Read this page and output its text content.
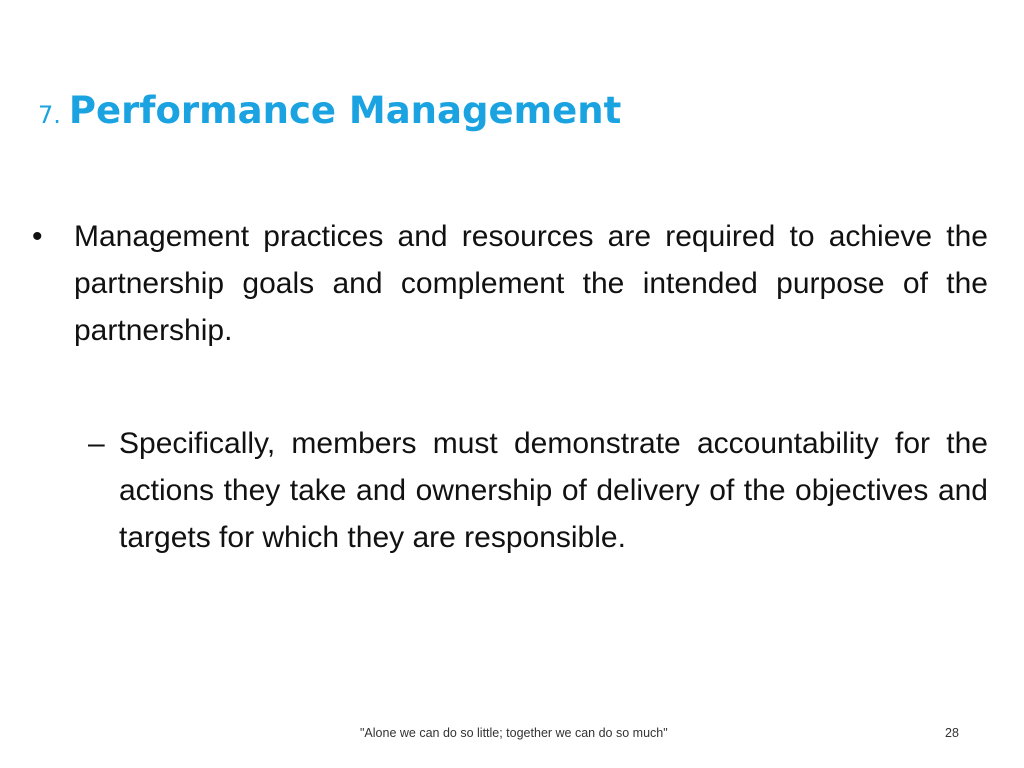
7. Performance Management
•	Management practices and resources are required to achieve the partnership goals and complement the intended purpose of the partnership.

– Specifically, members must demonstrate accountability for the actions they take and ownership of delivery of the objectives and targets for which they are responsible.

"Alone we can do so little; together we can do so much"	28
